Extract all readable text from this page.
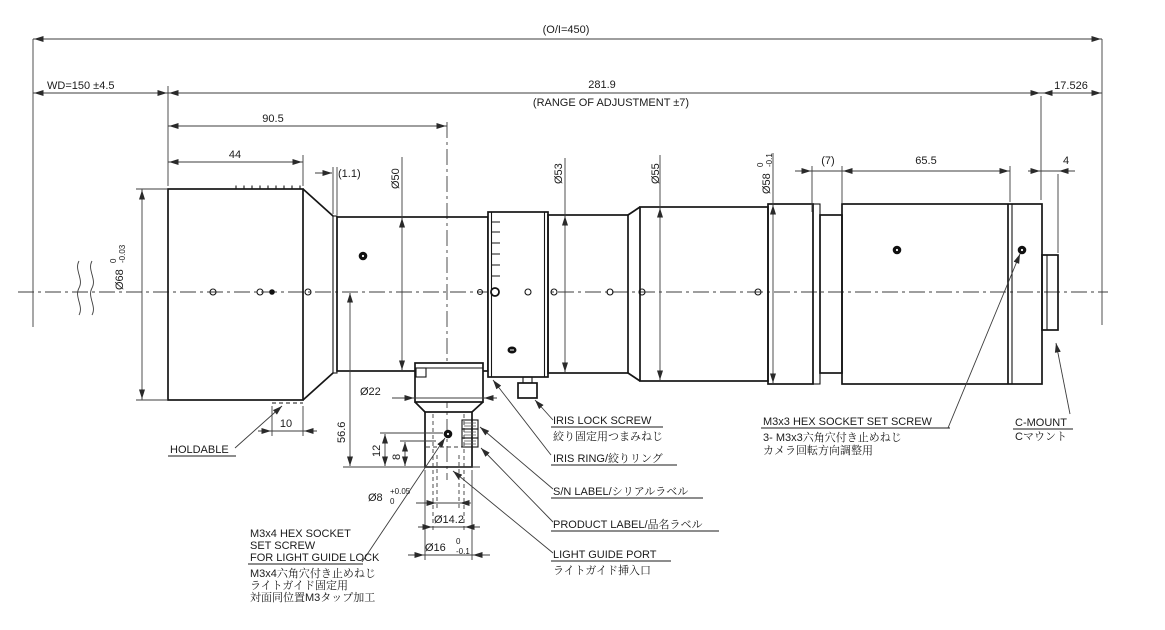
(O/I=450)
WD=150 ±4.5	281.9
(RANGE OF ADJUSTMENT ±7)
17.526
90.5
44
(1.1)	Ø50	Ø53	Ø55	Ø58
0 -0.1	(7)	65.5	4
Ø68
0 -0.03
Ø22
56.6
12 8
10
Ø8
+0.05
0
Ø14.2
Ø16
0
-0.1
HOLDABLE
IRIS LOCK SCREW
絞り固定用つまみねじ
IRIS RING/絞りリング
S/N LABEL/シリアルラベル
PRODUCT LABEL/品名ラベル
LIGHT GUIDE PORT
ライトガイド挿入口
M3x4 HEX SOCKET
SET SCREW
FOR LIGHT GUIDE LOCK
M3x4六角穴付き止めねじ
ライトガイド固定用
対面同位置M3タップ加工
M3x3 HEX SOCKET SET SCREW
3- M3x3六角穴付き止めねじ
カメラ回転方向調整用
C-MOUNT
Cマウント
